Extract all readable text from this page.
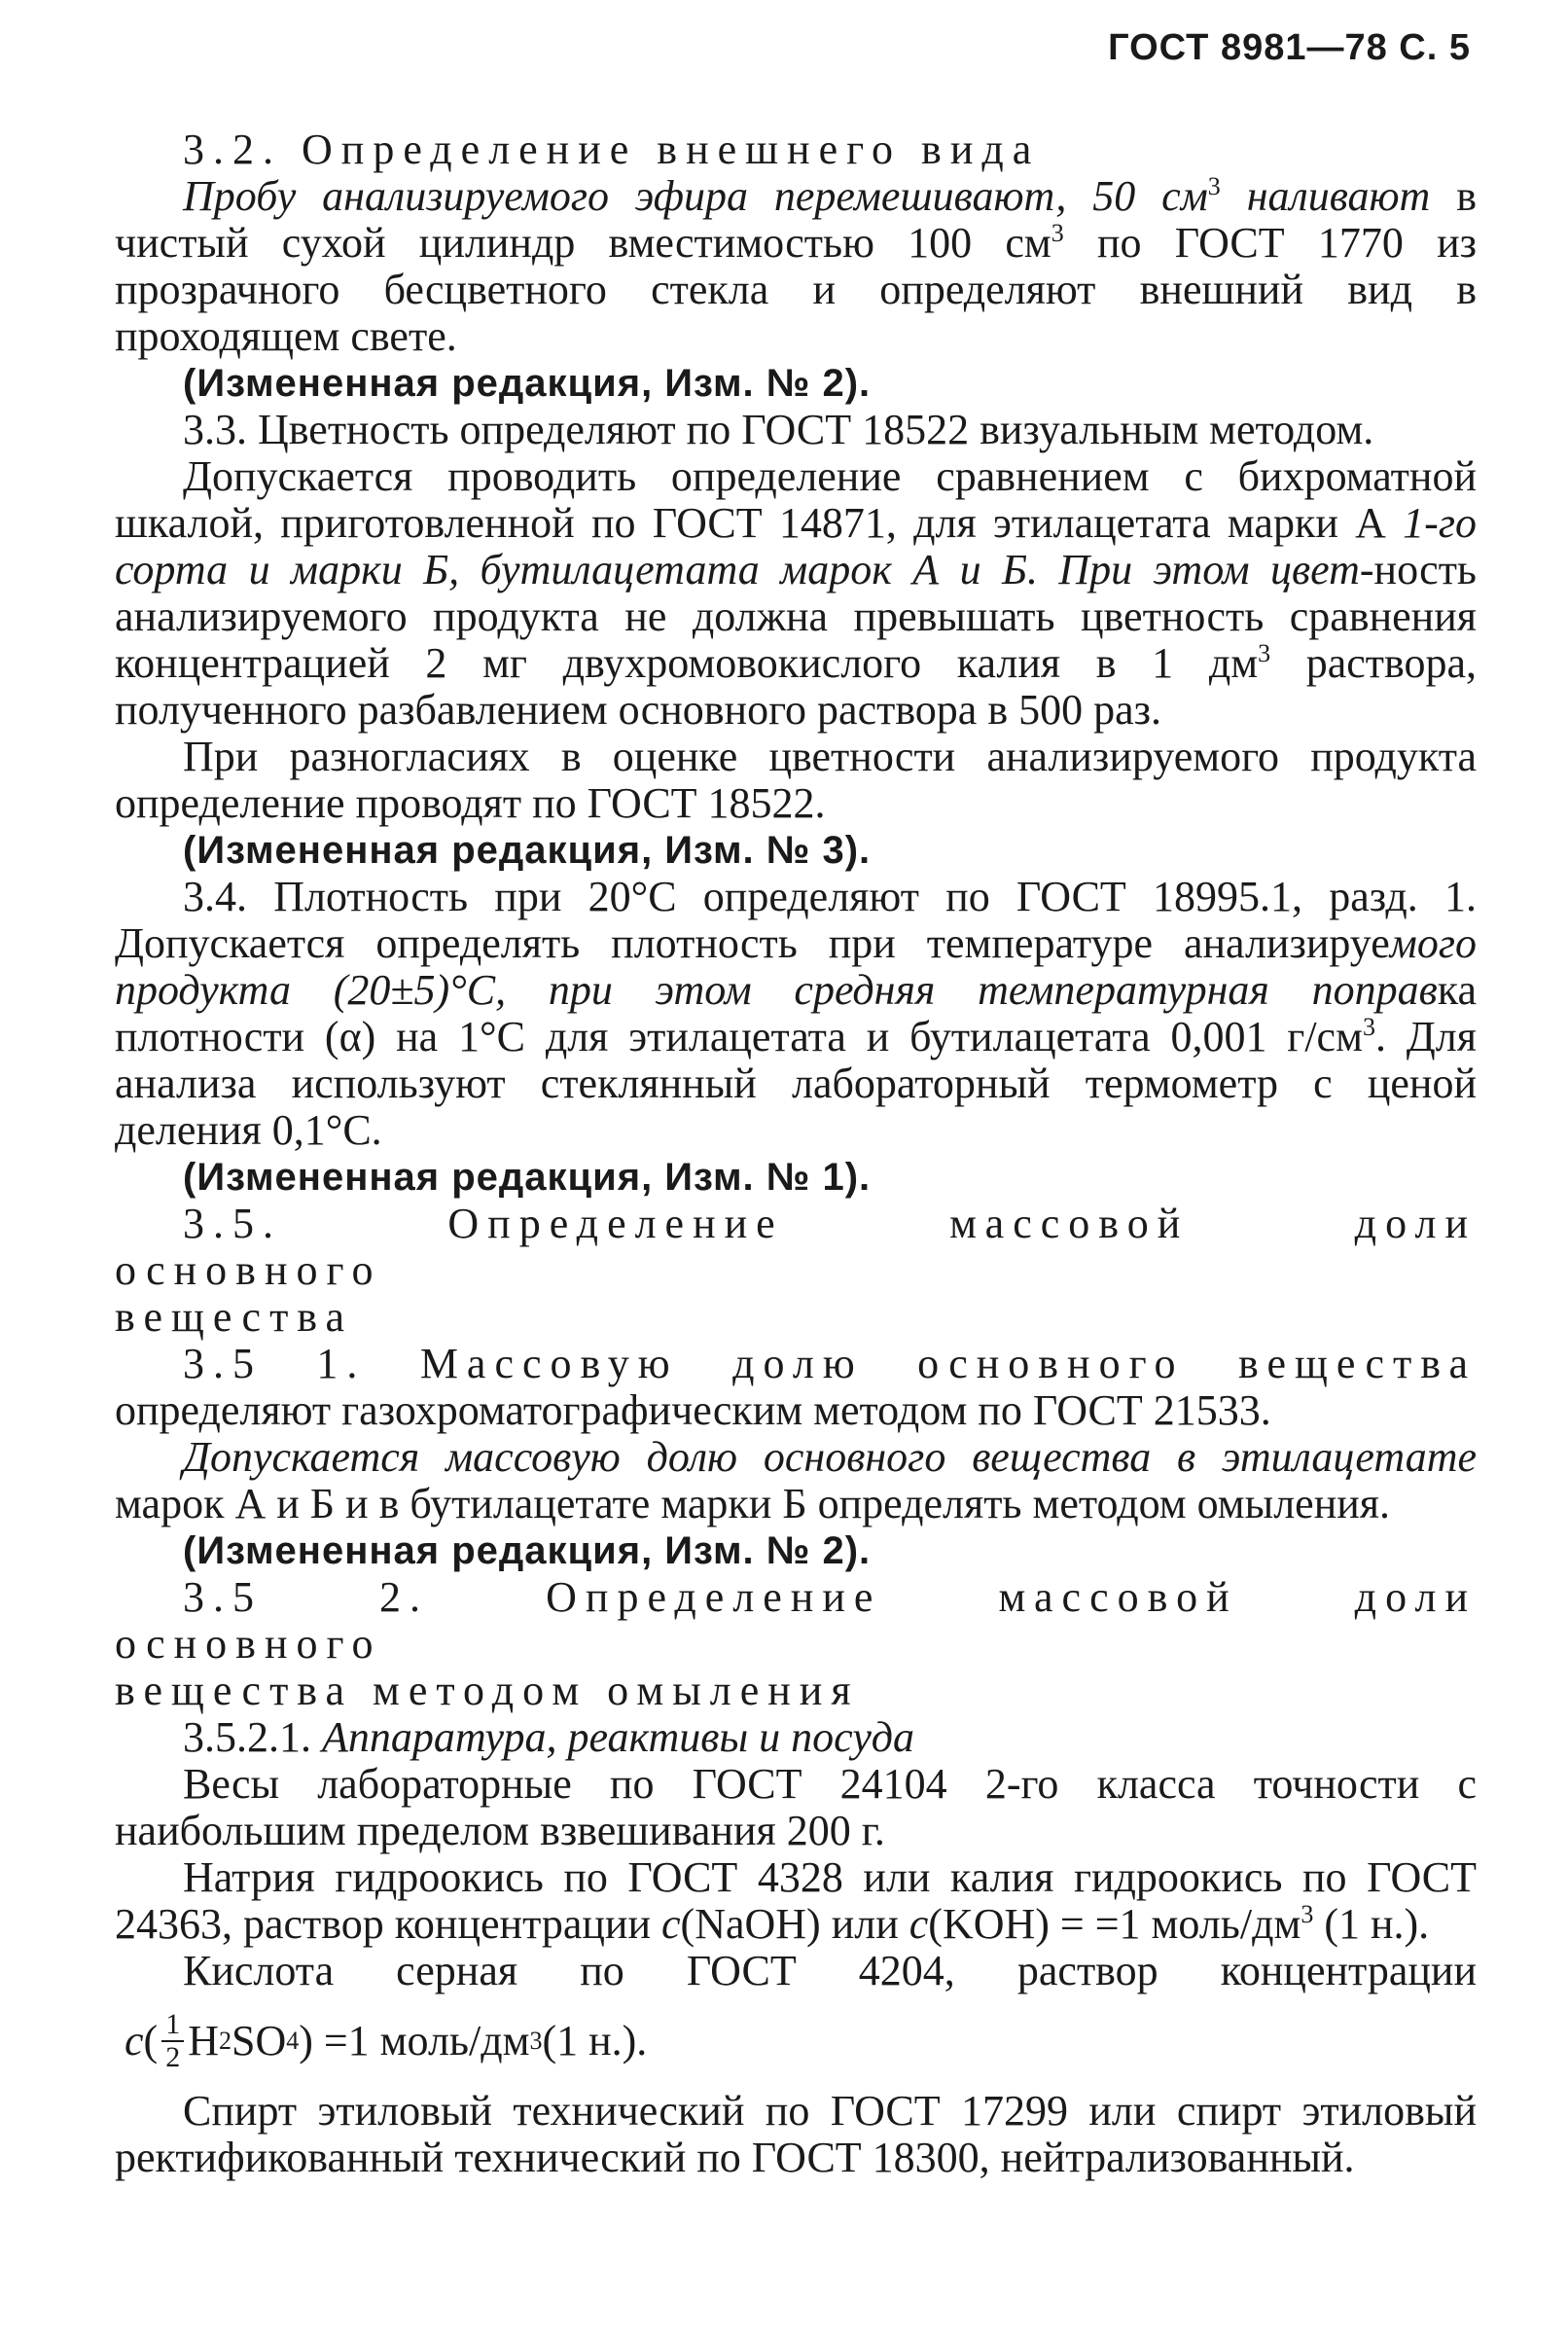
ГОСТ 8981—78 С. 5

3.2. Определение внешнего вида

Пробу анализируемого эфира перемешивают, 50 $см^3$ наливают в чистый сухой цилиндр вместимостью 100 $см^3$ по ГОСТ 1770 из прозрачного бесцветного стекла и определяют внешний вид в проходящем свете.

(Измененная редакция, Изм. № 2).

3.3. Цветность определяют по ГОСТ 18522 визуальным методом.

Допускается проводить определение сравнением с бихроматной шкалой, приготовленной по ГОСТ 14871, для этилацетата марки А 1-го сорта и марки Б, бутилацетата марок А и Б. При этом цвет-ность анализируемого продукта не должна превышать цветность сравнения концентрацией 2 мг двухромовокислого калия в 1 $дм^3$ раствора, полученного разбавлением основного раствора в 500 раз.

При разногласиях в оценке цветности анализируемого продукта определение проводят по ГОСТ 18522.

(Измененная редакция, Изм. № 3).

3.4. Плотность при 20°С определяют по ГОСТ 18995.1, разд. 1. Допускается определять плотность при температуре анализируемого продукта (20±5)°С, при этом средняя температурная поправка плотности (α) на 1°С для этилацетата и бутилацетата 0,001 $г/см^3$. Для анализа используют стеклянный лабораторный термометр с ценой деления 0,1°С.

(Измененная редакция, Изм. № 1).

3.5. Определение массовой доли основного

вещества

3.5 1. Массовую долю основного вещества определяют газохроматографическим методом по ГОСТ 21533.

Допускается массовую долю основного вещества в этилацетате марок А и Б и в бутилацетате марки Б определять методом омыления.

(Измененная редакция, Изм. № 2).

3.5 2. Определение массовой доли основного

вещества методом омыления

3.5.2.1. Аппаратура, реактивы и посуда

Весы лабораторные по ГОСТ 24104 2-го класса точности с наибольшим пределом взвешивания 200 г.

Натрия гидроокись по ГОСТ 4328 или калия гидроокись по ГОСТ 24363, раствор концентрации c(NaOH) или c(KOH) = =1 моль/$дм^3$ (1 н.).

Кислота серная по ГОСТ 4204, раствор концентрации

c ( $\frac{1}{2}$ H 2 SO 4 ) =1 моль/дм 3 (1 н.).

Спирт этиловый технический по ГОСТ 17299 или спирт этиловый ректификованный технический по ГОСТ 18300, нейтрализованный.
